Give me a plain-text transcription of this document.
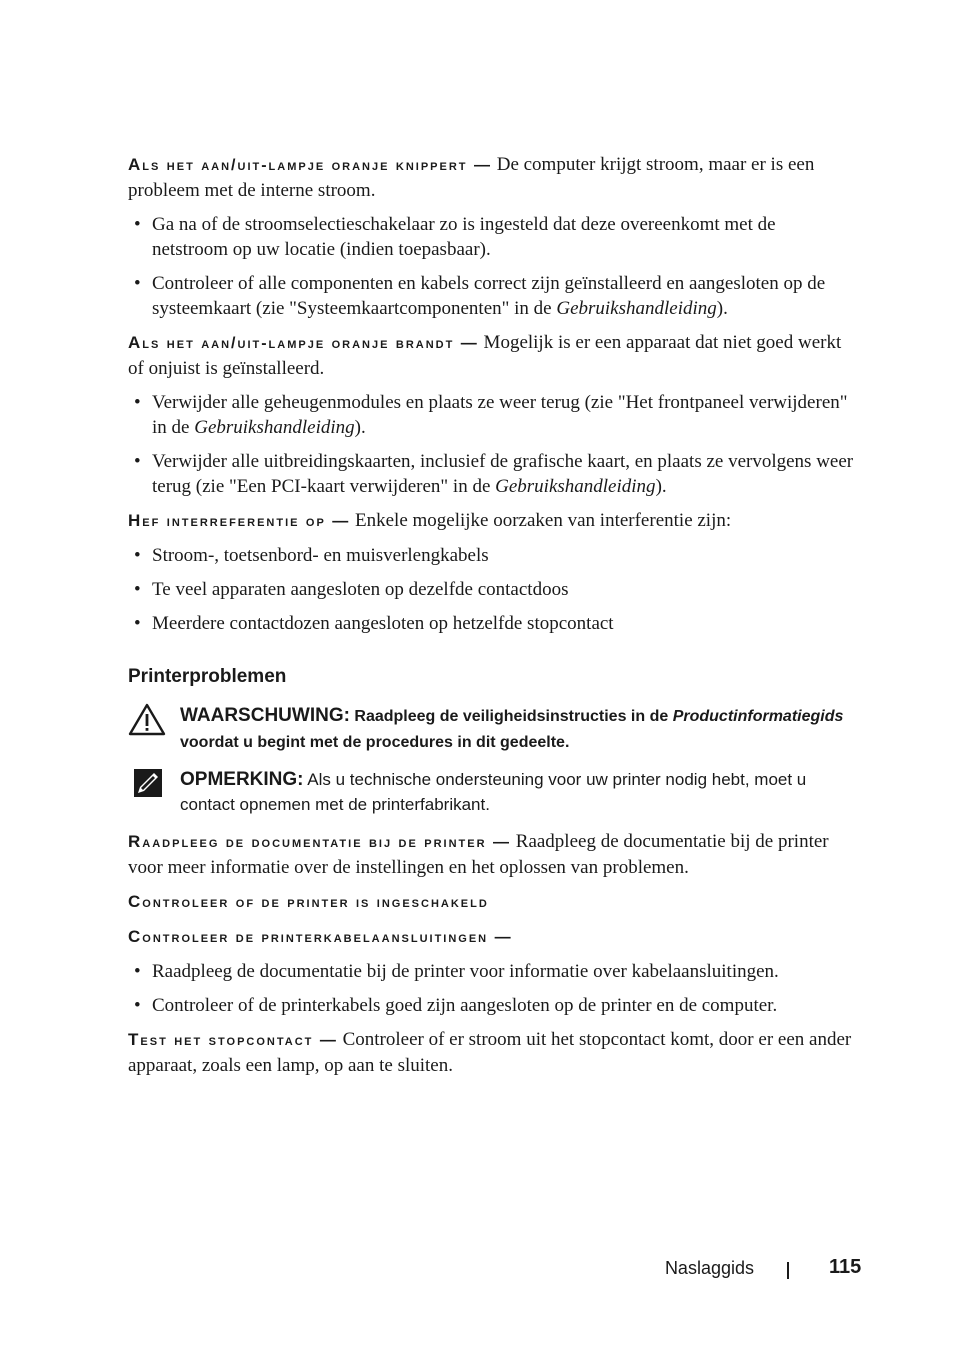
Als het aan/uit-lampje oranje knippert — De computer krijgt stroom, maar er is een probleem met de interne stroom.

• Ga na of de stroomselectieschakelaar zo is ingesteld dat deze overeenkomt met de netstroom op uw locatie (indien toepasbaar).
• Controleer of alle componenten en kabels correct zijn geïnstalleerd en aangesloten op de systeemkaart (zie "Systeemkaartcomponenten" in de Gebruikshandleiding).

Als het aan/uit-lampje oranje brandt — Mogelijk is er een apparaat dat niet goed werkt of onjuist is geïnstalleerd.

• Verwijder alle geheugenmodules en plaats ze weer terug (zie "Het frontpaneel verwijderen" in de Gebruikshandleiding).
• Verwijder alle uitbreidingskaarten, inclusief de grafische kaart, en plaats ze vervolgens weer terug (zie "Een PCI-kaart verwijderen" in de Gebruikshandleiding).

Hef interreferentie op — Enkele mogelijke oorzaken van interferentie zijn:

• Stroom-, toetsenbord- en muisverlengkabels
• Te veel apparaten aangesloten op dezelfde contactdoos
• Meerdere contactdozen aangesloten op hetzelfde stopcontact
Printerproblemen
WAARSCHUWING: Raadpleeg de veiligheidsinstructies in de Productinformatiegids voordat u begint met de procedures in dit gedeelte.
OPMERKING: Als u technische ondersteuning voor uw printer nodig hebt, moet u contact opnemen met de printerfabrikant.

Raadpleeg de documentatie bij de printer — Raadpleeg de documentatie bij de printer voor meer informatie over de instellingen en het oplossen van problemen.

Controleer of de printer is ingeschakeld

Controleer de printerkabelaansluitingen —

• Raadpleeg de documentatie bij de printer voor informatie over kabelaansluitingen.
• Controleer of de printerkabels goed zijn aangesloten op de printer en de computer.

Test het stopcontact — Controleer of er stroom uit het stopcontact komt, door er een ander apparaat, zoals een lamp, op aan te sluiten.

Naslaggids	115
